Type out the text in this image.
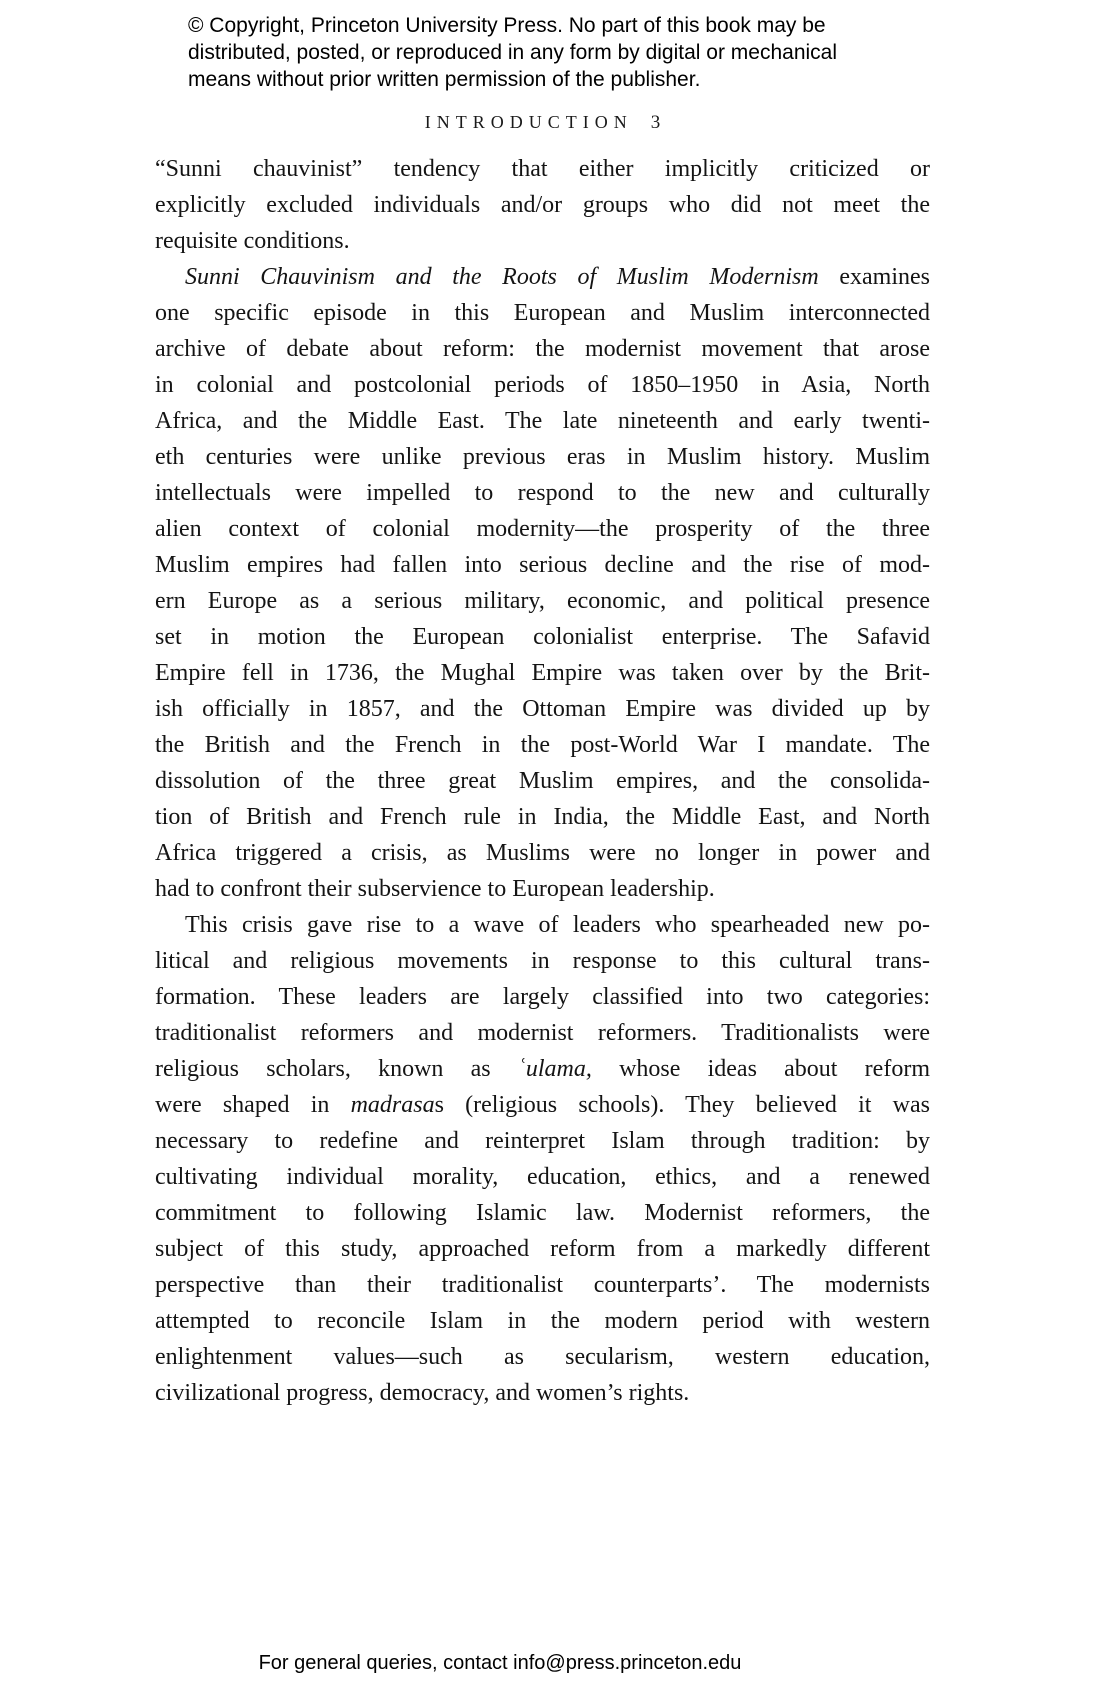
© Copyright, Princeton University Press. No part of this book may be
distributed, posted, or reproduced in any form by digital or mechanical
means without prior written permission of the publisher.
INTRODUCTION 3
“Sunni chauvinist” tendency that either implicitly criticized or
explicitly excluded individuals and/or groups who did not meet the
requisite conditions.
Sunni Chauvinism and the Roots of Muslim Modernism examines
one specific episode in this European and Muslim interconnected
archive of debate about reform: the modernist movement that arose
in colonial and postcolonial periods of 1850–1950 in Asia, North
Africa, and the Middle East. The late nineteenth and early twenti-
eth centuries were unlike previous eras in Muslim history. Muslim
intellectuals were impelled to respond to the new and culturally
alien context of colonial modernity—the prosperity of the three
Muslim empires had fallen into serious decline and the rise of mod-
ern Europe as a serious military, economic, and political presence
set in motion the European colonialist enterprise. The Safavid
Empire fell in 1736, the Mughal Empire was taken over by the Brit-
ish officially in 1857, and the Ottoman Empire was divided up by
the British and the French in the post-World War I mandate. The
dissolution of the three great Muslim empires, and the consolida-
tion of British and French rule in India, the Middle East, and North
Africa triggered a crisis, as Muslims were no longer in power and
had to confront their subservience to European leadership.
This crisis gave rise to a wave of leaders who spearheaded new po-
litical and religious movements in response to this cultural trans-
formation. These leaders are largely classified into two categories:
traditionalist reformers and modernist reformers. Traditionalists were
religious scholars, known as ʿulama, whose ideas about reform
were shaped in madrasas (religious schools). They believed it was
necessary to redefine and reinterpret Islam through tradition: by
cultivating individual morality, education, ethics, and a renewed
commitment to following Islamic law. Modernist reformers, the
subject of this study, approached reform from a markedly different
perspective than their traditionalist counterparts’. The modernists
attempted to reconcile Islam in the modern period with western
enlightenment values—such as secularism, western education,
civilizational progress, democracy, and women’s rights.
For general queries, contact info@press.princeton.edu
